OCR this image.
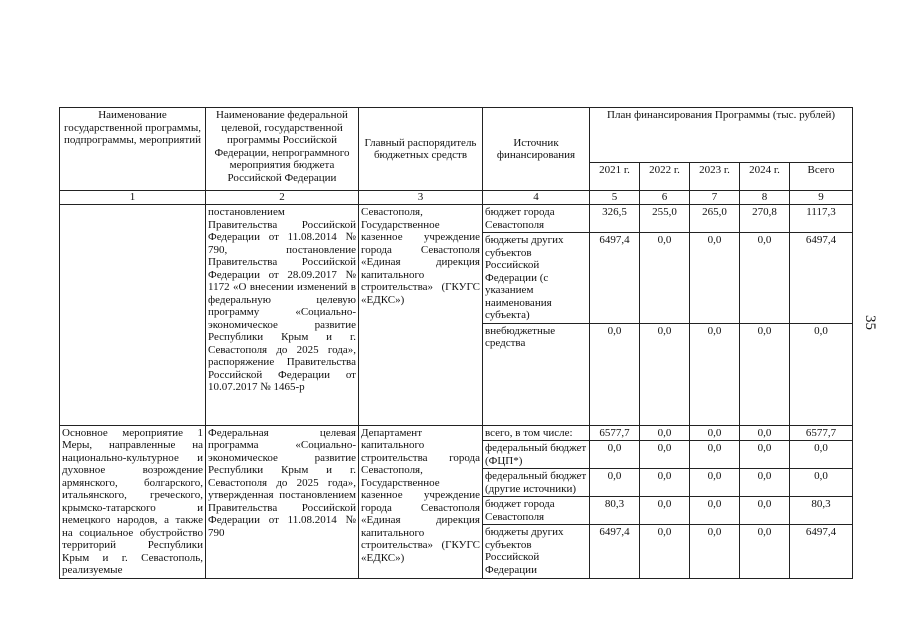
Наименование государственной программы, подпрограммы, мероприятий	Наименование федеральной целевой, государственной программы Российской Федерации, непрограммного мероприятия бюджета Российской Федерации	Главный распорядитель бюджетных средств	Источник финансирования	План финансирования Программы (тыс. рублей)				
				2021 г.	2022 г.	2023 г.	2024 г.	Всего
1	2	3	4	5	6	7	8	9
	постановлением Правительства Российской Федерации от 11.08.2014 № 790, постановление Правительства Российской Федерации от 28.09.2017 № 1172 «О внесении изменений в федеральную целевую программу «Социально-экономическое развитие Республики Крым и г. Севастополя до 2025 года», распоряжение Правительства Российской Федерации от 10.07.2017 № 1465-р	Севастополя, Государственное казенное учреждение города Севастополя «Единая дирекция капитального строительства» (ГКУГС «ЕДКС»)	бюджет города Севастополя	326,5	255,0	265,0	270,8	1117,3
			бюджеты других субъектов Российской Федерации (с указанием наименования субъекта)	6497,4	0,0	0,0	0,0	6497,4
			внебюджетные средства	0,0	0,0	0,0	0,0	0,0
Основное мероприятие 1 Меры, направленные на национально-культурное и духовное возрождение армянского, болгарского, итальянского, греческого, крымско-татарского и немецкого народов, а также на социальное обустройство территорий Республики Крым и г. Севастополь, реализуемые	Федеральная целевая программа «Социально-экономическое развитие Республики Крым и г. Севастополя до 2025 года», утвержденная постановлением Правительства Российской Федерации от 11.08.2014 № 790	Департамент капитального строительства города Севастополя, Государственное казенное учреждение города Севастополя «Единая дирекция капитального строительства» (ГКУГС «ЕДКС»)	всего, в том числе:	6577,7	0,0	0,0	0,0	6577,7
			федеральный бюджет (ФЦП*)	0,0	0,0	0,0	0,0	0,0
			федеральный бюджет (другие источники)	0,0	0,0	0,0	0,0	0,0
			бюджет города Севастополя	80,3	0,0	0,0	0,0	80,3
			бюджеты других субъектов Российской Федерации	6497,4	0,0	0,0	0,0	6497,4
35
